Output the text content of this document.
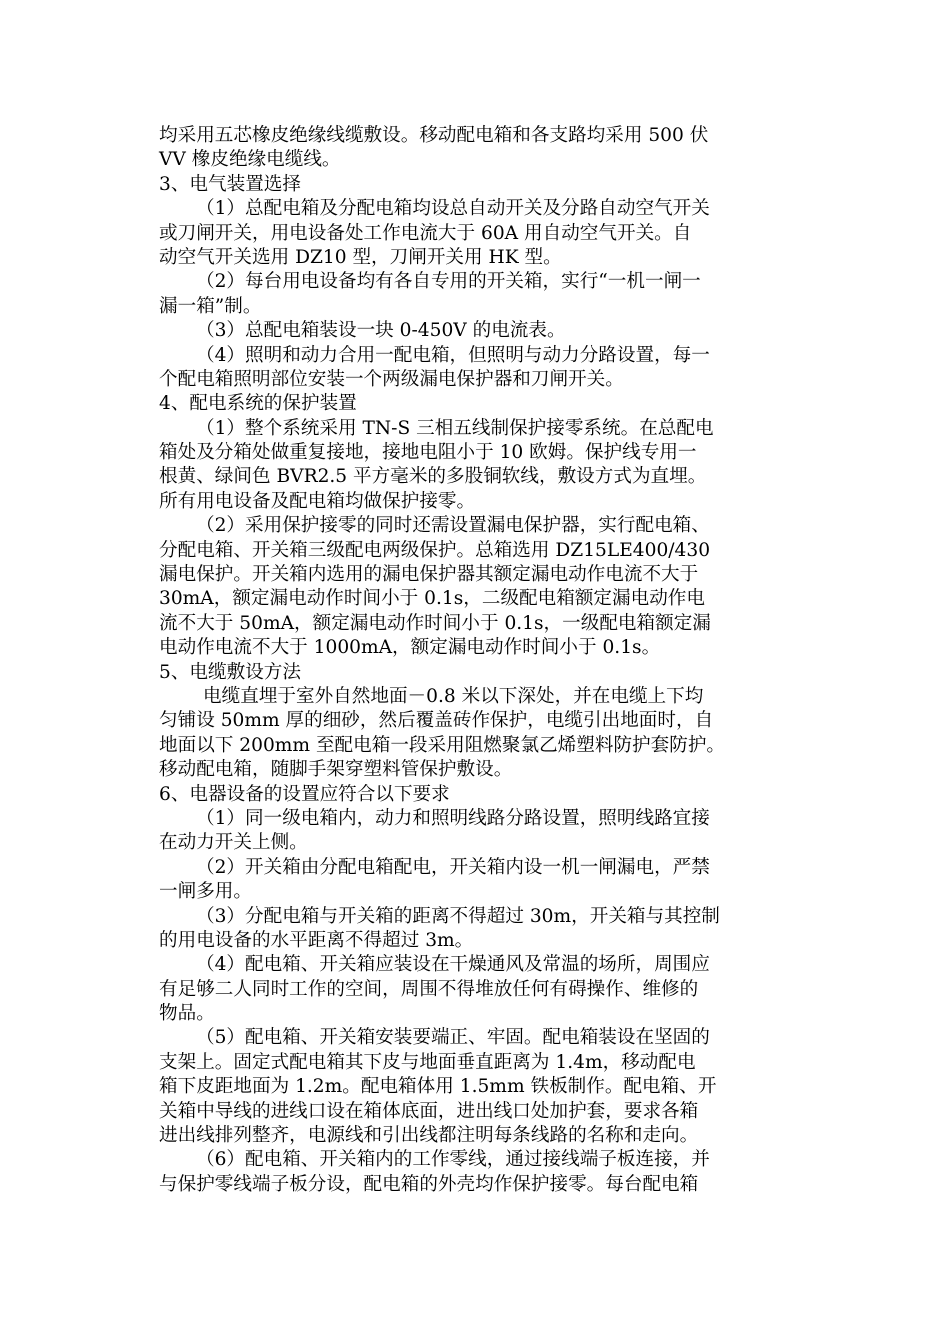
均采用五芯橡皮绝缘线缆敷设。移动配电箱和各支路均采用 500 伏
VV 橡皮绝缘电缆线。
3、电气装置选择
（1）总配电箱及分配电箱均设总自动开关及分路自动空气开关
或刀闸开关，用电设备处工作电流大于 60A 用自动空气开关。自
动空气开关选用 DZ10 型，刀闸开关用 HK 型。
（2）每台用电设备均有各自专用的开关箱，实行“一机一闸一
漏一箱”制。
（3）总配电箱装设一块 0-450V 的电流表。
（4）照明和动力合用一配电箱，但照明与动力分路设置，每一
个配电箱照明部位安装一个两级漏电保护器和刀闸开关。
4、配电系统的保护装置
（1）整个系统采用 TN-S 三相五线制保护接零系统。在总配电
箱处及分箱处做重复接地，接地电阻小于 10 欧姆。保护线专用一
根黄、绿间色 BVR2.5 平方毫米的多股铜软线，敷设方式为直埋。
所有用电设备及配电箱均做保护接零。
（2）采用保护接零的同时还需设置漏电保护器，实行配电箱、
分配电箱、开关箱三级配电两级保护。总箱选用 DZ15LE400/430
漏电保护。开关箱内选用的漏电保护器其额定漏电动作电流不大于
30mA，额定漏电动作时间小于 0.1s，二级配电箱额定漏电动作电
流不大于 50mA，额定漏电动作时间小于 0.1s，一级配电箱额定漏
电动作电流不大于 1000mA，额定漏电动作时间小于 0.1s。
5、电缆敷设方法
电缆直埋于室外自然地面－0.8 米以下深处，并在电缆上下均
匀铺设 50mm 厚的细砂，然后覆盖砖作保护，电缆引出地面时，自
地面以下 200mm 至配电箱一段采用阻燃聚氯乙烯塑料防护套防护。
移动配电箱，随脚手架穿塑料管保护敷设。
6、电器设备的设置应符合以下要求
（1）同一级电箱内，动力和照明线路分路设置，照明线路宜接
在动力开关上侧。
（2）开关箱由分配电箱配电，开关箱内设一机一闸漏电，严禁
一闸多用。
（3）分配电箱与开关箱的距离不得超过 30m，开关箱与其控制
的用电设备的水平距离不得超过 3m。
（4）配电箱、开关箱应装设在干燥通风及常温的场所，周围应
有足够二人同时工作的空间，周围不得堆放任何有碍操作、维修的
物品。
（5）配电箱、开关箱安装要端正、牢固。配电箱装设在坚固的
支架上。固定式配电箱其下皮与地面垂直距离为 1.4m，移动配电
箱下皮距地面为 1.2m。配电箱体用 1.5mm 铁板制作。配电箱、开
关箱中导线的进线口设在箱体底面，进出线口处加护套，要求各箱
进出线排列整齐，电源线和引出线都注明每条线路的名称和走向。
（6）配电箱、开关箱内的工作零线，通过接线端子板连接，并
与保护零线端子板分设，配电箱的外壳均作保护接零。每台配电箱
